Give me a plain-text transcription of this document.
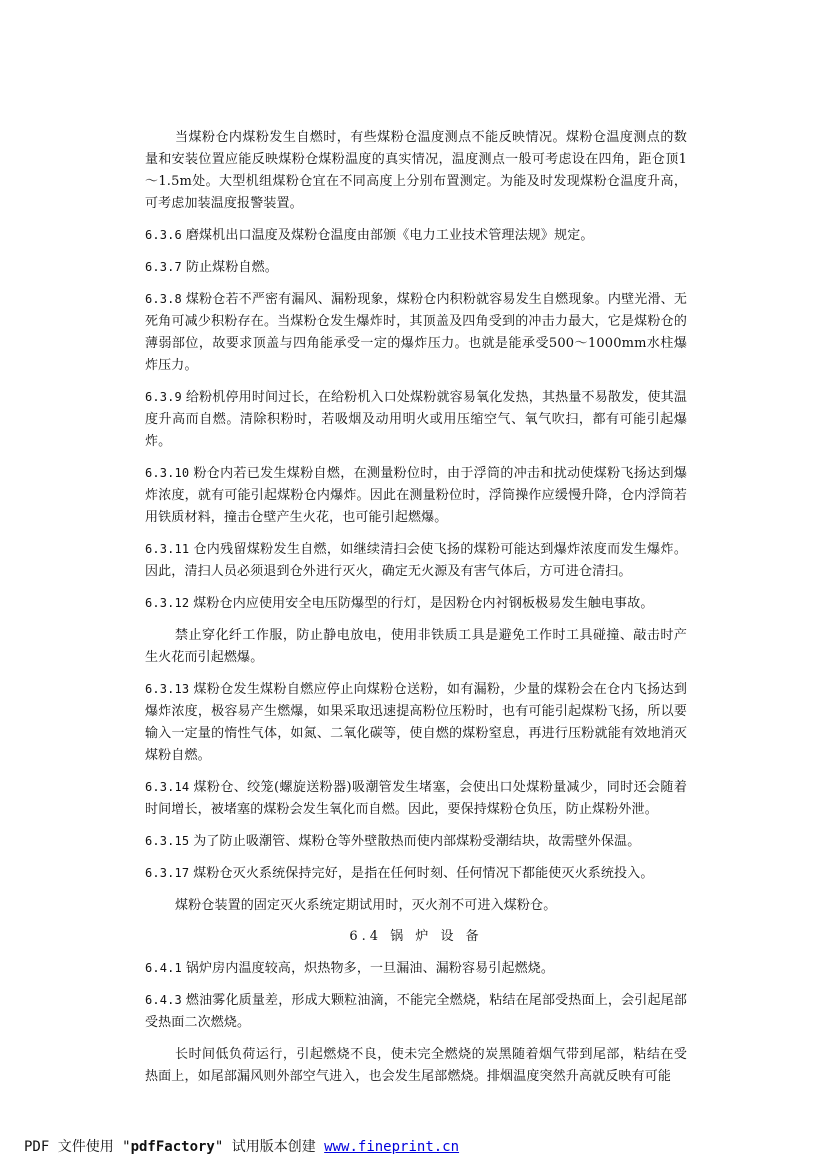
当煤粉仓内煤粉发生自燃时，有些煤粉仓温度测点不能反映情况。煤粉仓温度测点的数量和安装位置应能反映煤粉仓煤粉温度的真实情况，温度测点一般可考虑设在四角，距仓顶1～1.5m处。大型机组煤粉仓宜在不同高度上分别布置测定。为能及时发现煤粉仓温度升高，可考虑加装温度报警装置。

6.3.6 磨煤机出口温度及煤粉仓温度由部颁《电力工业技术管理法规》规定。

6.3.7 防止煤粉自燃。

6.3.8 煤粉仓若不严密有漏风、漏粉现象，煤粉仓内积粉就容易发生自燃现象。内壁光滑、无死角可减少积粉存在。当煤粉仓发生爆炸时，其顶盖及四角受到的冲击力最大，它是煤粉仓的薄弱部位，故要求顶盖与四角能承受一定的爆炸压力。也就是能承受500～1000mm水柱爆炸压力。

6.3.9 给粉机停用时间过长，在给粉机入口处煤粉就容易氧化发热，其热量不易散发，使其温度升高而自燃。清除积粉时，若吸烟及动用明火或用压缩空气、氧气吹扫，都有可能引起爆炸。

6.3.10 粉仓内若已发生煤粉自燃，在测量粉位时，由于浮筒的冲击和扰动使煤粉飞扬达到爆炸浓度，就有可能引起煤粉仓内爆炸。因此在测量粉位时，浮筒操作应缓慢升降，仓内浮筒若用铁质材料，撞击仓壁产生火花，也可能引起燃爆。

6.3.11 仓内残留煤粉发生自燃，如继续清扫会使飞扬的煤粉可能达到爆炸浓度而发生爆炸。因此，清扫人员必须退到仓外进行灭火，确定无火源及有害气体后，方可进仓清扫。

6.3.12 煤粉仓内应使用安全电压防爆型的行灯，是因粉仓内衬钢板极易发生触电事故。

禁止穿化纤工作服，防止静电放电，使用非铁质工具是避免工作时工具碰撞、敲击时产生火花而引起燃爆。

6.3.13 煤粉仓发生煤粉自燃应停止向煤粉仓送粉，如有漏粉，少量的煤粉会在仓内飞扬达到爆炸浓度，极容易产生燃爆，如果采取迅速提高粉位压粉时，也有可能引起煤粉飞扬，所以要输入一定量的惰性气体，如氮、二氧化碳等，使自燃的煤粉窒息，再进行压粉就能有效地消灭煤粉自燃。

6.3.14 煤粉仓、绞笼(螺旋送粉器)吸潮管发生堵塞，会使出口处煤粉量减少，同时还会随着时间增长，被堵塞的煤粉会发生氧化而自燃。因此，要保持煤粉仓负压，防止煤粉外泄。

6.3.15 为了防止吸潮管、煤粉仓等外壁散热而使内部煤粉受潮结块，故需壁外保温。

6.3.17 煤粉仓灭火系统保持完好，是指在任何时刻、任何情况下都能使灭火系统投入。

煤粉仓装置的固定灭火系统定期试用时，灭火剂不可进入煤粉仓。

6.4 锅 炉 设 备

6.4.1 锅炉房内温度较高，炽热物多，一旦漏油、漏粉容易引起燃烧。

6.4.3 燃油雾化质量差，形成大颗粒油滴，不能完全燃烧，粘结在尾部受热面上，会引起尾部受热面二次燃烧。

长时间低负荷运行，引起燃烧不良，使未完全燃烧的炭黑随着烟气带到尾部，粘结在受热面上，如尾部漏风则外部空气进入，也会发生尾部燃烧。排烟温度突然升高就反映有可能

PDF 文件使用 "pdfFactory" 试用版本创建 www.fineprint.cn
